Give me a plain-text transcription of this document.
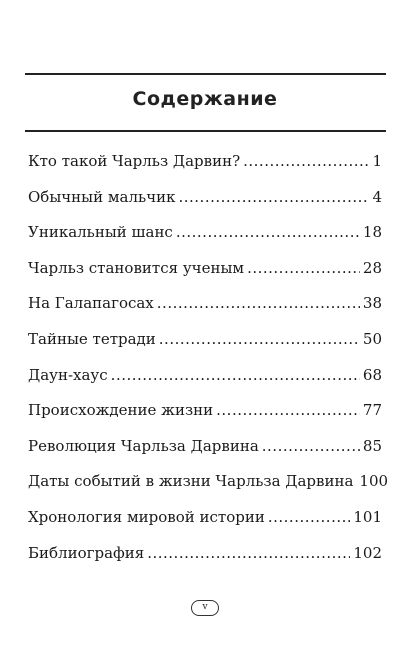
Содержание
Кто такой Чарльз Дарвин? .....	1
Обычный мальчик .....	4
Уникальный шанс .....	18
Чарльз становится ученым .....	28
На Галапагосах .....	38
Тайные тетради .....	50
Даун-хаус .....	68
Происхождение жизни .....	77
Революция Чарльза Дарвина .....	85
Даты событий в жизни Чарльза Дарвина 100
Хронология мировой истории .....	101
Библиография .....	102
v
